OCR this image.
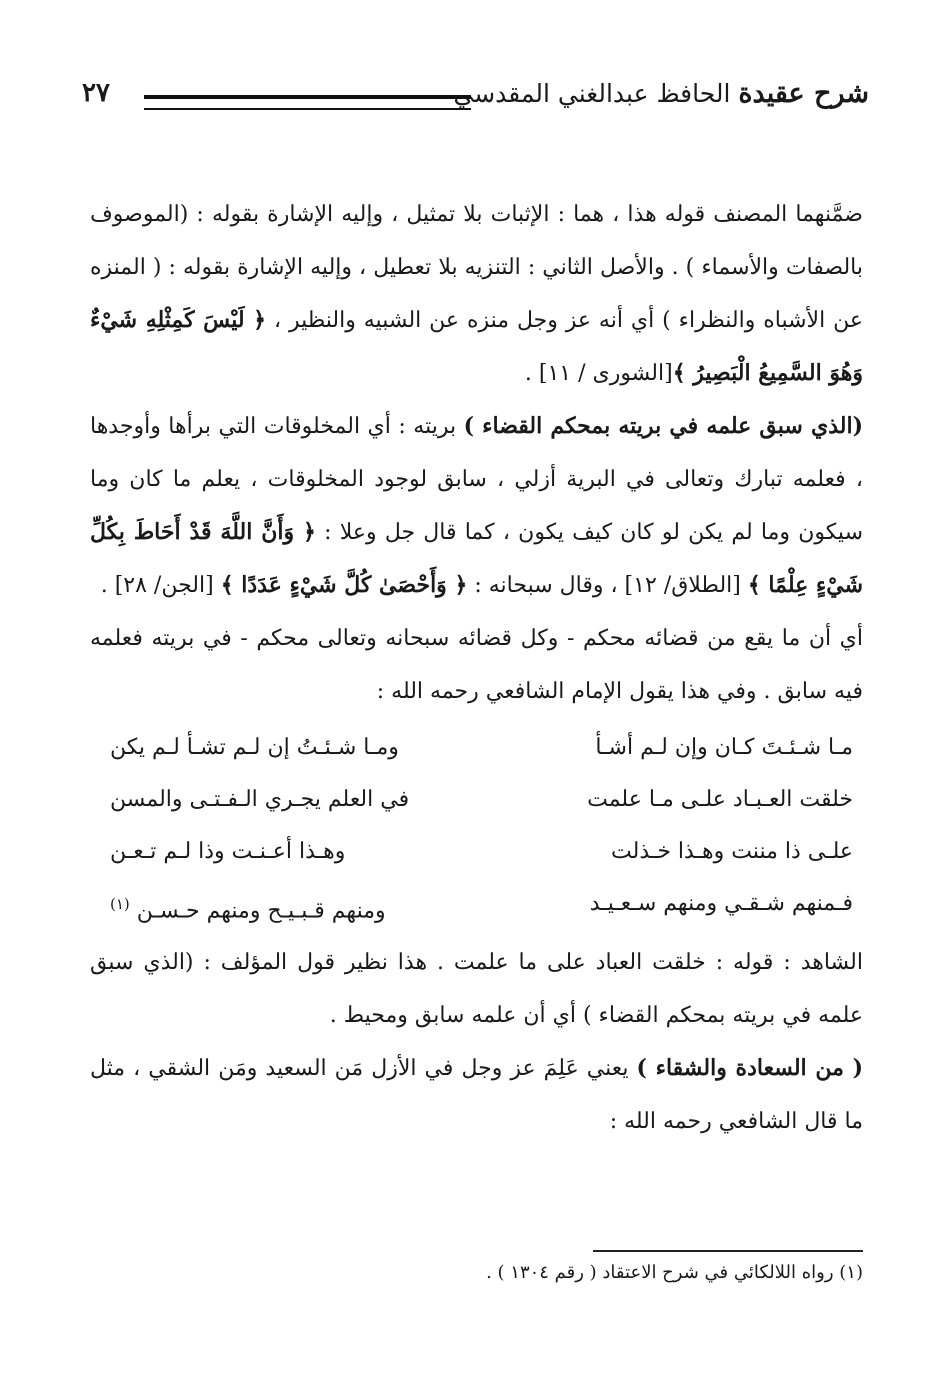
شرح عقيدة الحافظ عبدالغني المقدسي
٢٧

ضمَّنهما المصنف قوله هذا ، هما : الإثبات بلا تمثيل ، وإليه الإشارة بقوله : (الموصوف بالصفات والأسماء ) . والأصل الثاني : التنزيه بلا تعطيل ، وإليه الإشارة بقوله : ( المنزه عن الأشباه والنظراء ) أي أنه عز وجل منزه عن الشبيه والنظير ، ﴿ لَيْسَ كَمِثْلِهِ شَيْءٌ وَهُوَ السَّمِيعُ الْبَصِيرُ ﴾[الشورى / ١١] .

(الذي سبق علمه في بريته بمحكم القضاء ) بريته : أي المخلوقات التي برأها وأوجدها ، فعلمه تبارك وتعالى في البرية أزلي ، سابق لوجود المخلوقات ، يعلم ما كان وما سيكون وما لم يكن لو كان كيف يكون ، كما قال جل وعلا : ﴿ وَأَنَّ اللَّهَ قَدْ أَحَاطَ بِكُلِّ شَيْءٍ عِلْمًا ﴾ [الطلاق/ ١٢] ، وقال سبحانه : ﴿ وَأَحْصَىٰ كُلَّ شَيْءٍ عَدَدًا ﴾ [الجن/ ٢٨] .

أي أن ما يقع من قضائه محكم - وكل قضائه سبحانه وتعالى محكم - في بريته فعلمه فيه سابق . وفي هذا يقول الإمام الشافعي رحمه الله :

مـا شـئـتَ كـان وإن لـم أشـأ
ومـا شـئـتُ إن لـم تشـأ لـم يكن
خلقت العـبـاد علـى مـا علمت
في العلم يجـري الـفـتـى والمسن
علـى ذا مننت وهـذا خـذلت
وهـذا أعـنـت وذا لـم تـعـن
فـمنهم شـقـي ومنهم سـعـيـد
ومنهم قـبـيـح ومنهم حـسـن $^{(١)}$

الشاهد : قوله : خلقت العباد على ما علمت . هذا نظير قول المؤلف : (الذي سبق علمه في بريته بمحكم القضاء ) أي أن علمه سابق ومحيط .

( من السعادة والشقاء ) يعني عَلِمَ عز وجل في الأزل مَن السعيد ومَن الشقي ، مثل ما قال الشافعي رحمه الله :

(١) رواه اللالكائي في شرح الاعتقاد ( رقم ١٣٠٤ ) .
